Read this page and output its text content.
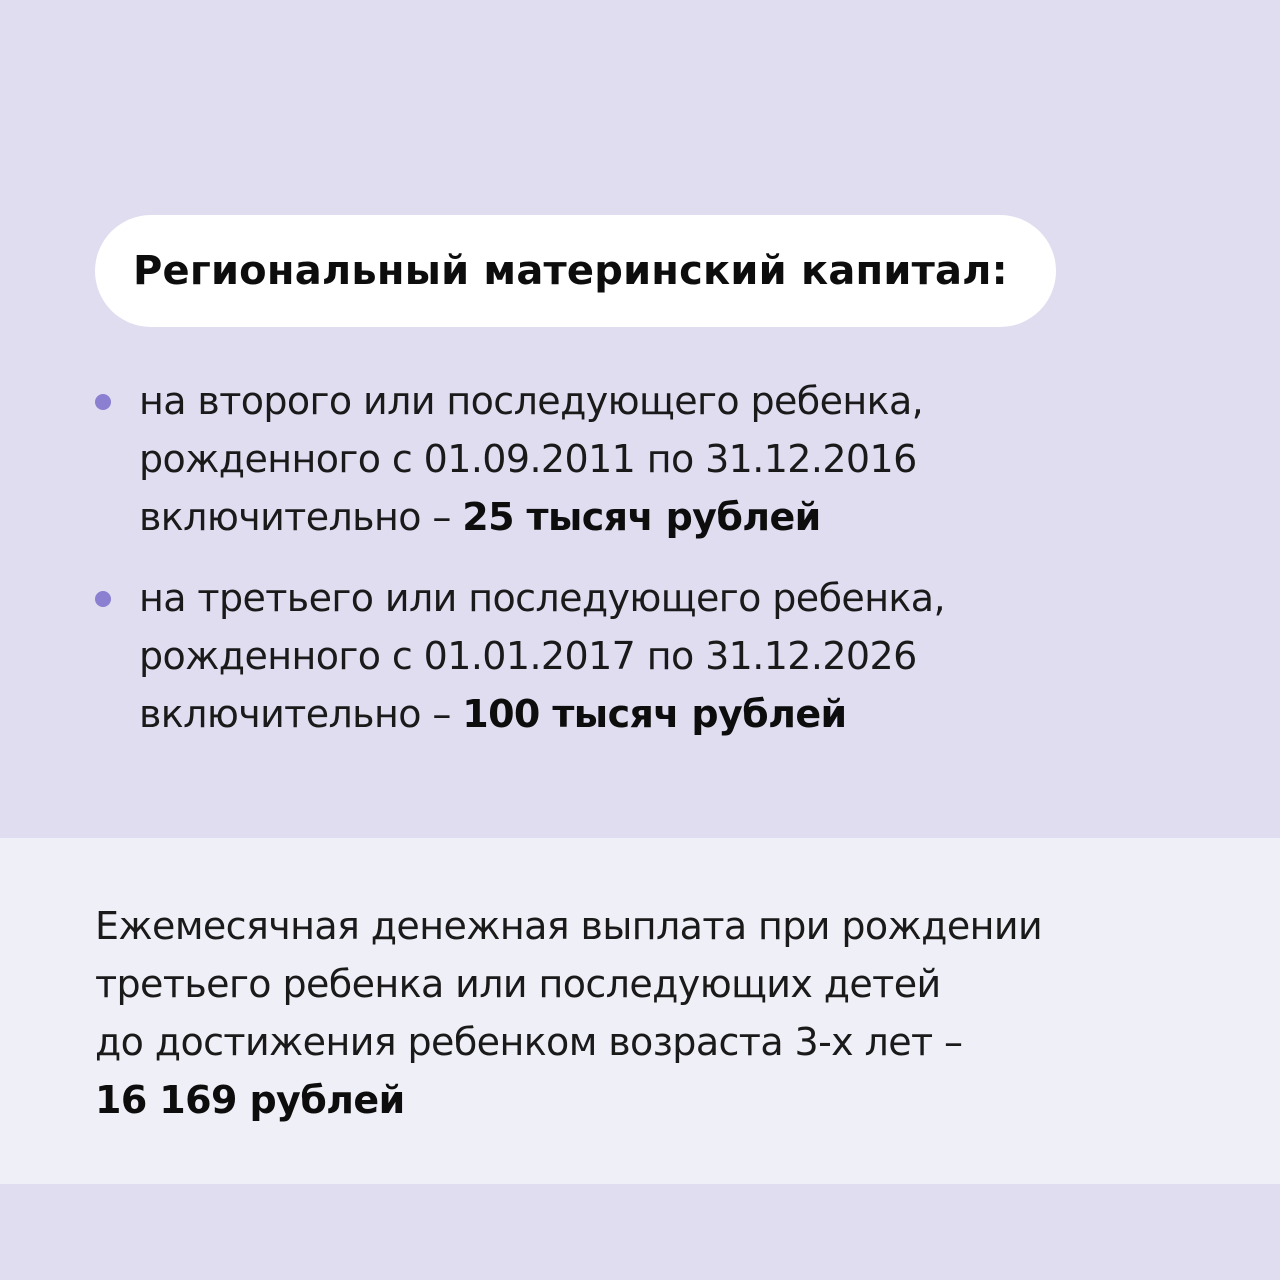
Региональный материнский капитал:
на второго или последующего ребенка,
рожденного с 01.09.2011 по 31.12.2016
включительно – 25 тысяч рублей
на третьего или последующего ребенка,
рожденного с 01.01.2017 по 31.12.2026
включительно – 100 тысяч рублей
Ежемесячная денежная выплата при рождении
третьего ребенка или последующих детей
до достижения ребенком возраста 3-х лет –
16 169 рублей
